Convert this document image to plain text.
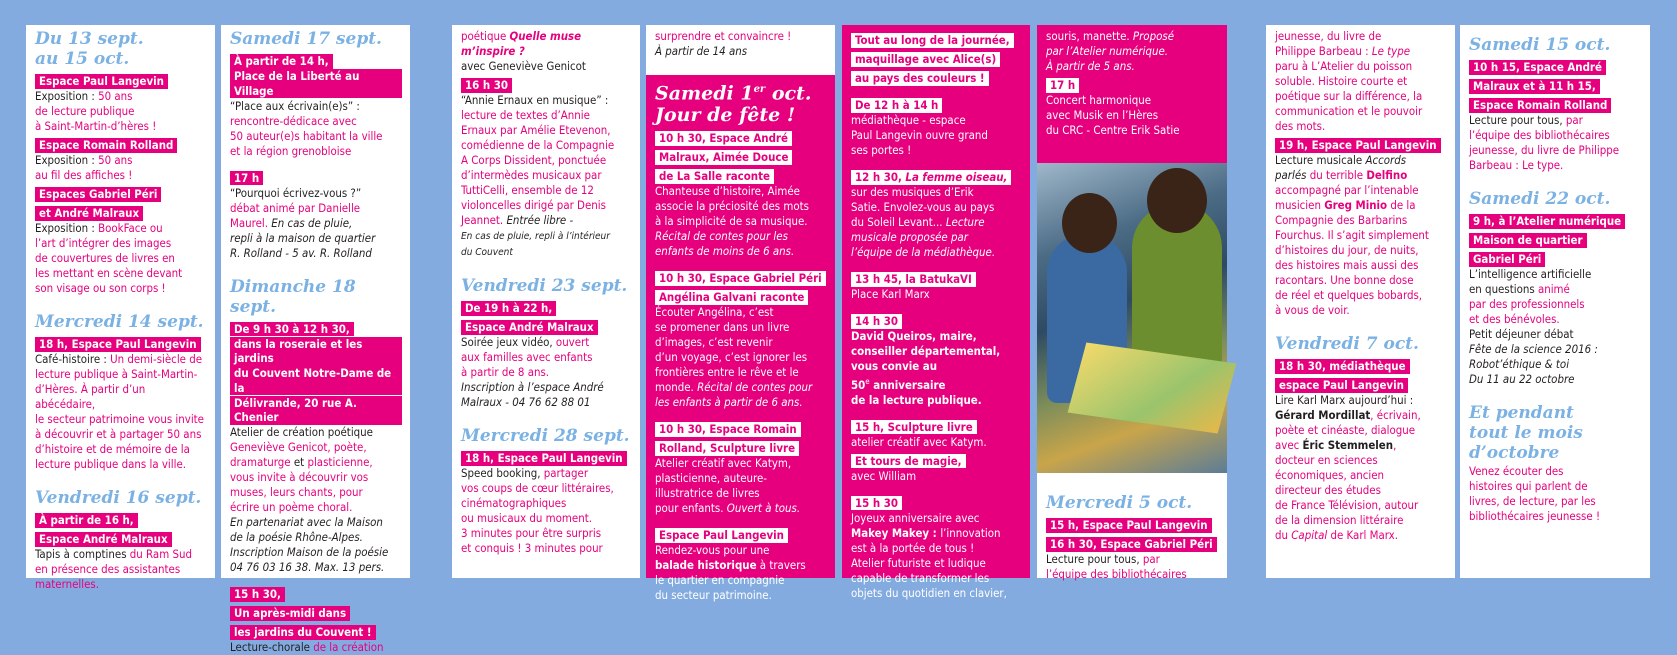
Du 13 sept.
au 15 oct.
Espace Paul Langevin

Exposition : 50 ans
de lecture publique
à Saint-Martin-d’hères !

Espace Romain Rolland

Exposition : 50 ans
au fil des affiches !

Espaces Gabriel Péri
et André Malraux

Exposition : BookFace ou
l’art d’intégrer des images
de couvertures de livres en
les mettant en scène devant
son visage ou son corps !

Mercredi 14 sept.
18 h, Espace Paul Langevin

Café-histoire : Un demi-siècle de
lecture publique à Saint-Martin-
d’Hères. À partir d’un abécédaire,
le secteur patrimoine vous invite
à découvrir et à partager 50 ans
d’histoire et de mémoire de la
lecture publique dans la ville.

Vendredi 16 sept.
À partir de 16 h,
Espace André Malraux

Tapis à comptines du Ram Sud
en présence des assistantes
maternelles.

Samedi 17 sept.
À partir de 14 h,
Place de la Liberté au Village

“Place aux écrivain(e)s” :
rencontre-dédicace avec
50 auteur(e)s habitant la ville
et la région grenobloise

17 h

“Pourquoi écrivez-vous ?”
débat animé par Danielle
Maurel. En cas de pluie,
repli à la maison de quartier
R. Rolland - 5 av. R. Rolland

Dimanche 18 sept.
De 9 h 30 à 12 h 30,
dans la roseraie et les jardins
du Couvent Notre-Dame de la
Délivrande, 20 rue A. Chenier

Atelier de création poétique
Geneviève Genicot, poète,
dramaturge et plasticienne,
vous invite à découvrir vos
muses, leurs chants, pour
écrire un poème choral.
En partenariat avec la Maison
de la poésie Rhône-Alpes.
Inscription Maison de la poésie
04 76 03 16 38. Max. 13 pers.

15 h 30,
Un après-midi dans
les jardins du Couvent !

Lecture-chorale de la création

poétique Quelle muse
m’inspire ?
avec Geneviève Genicot

16 h 30

“Annie Ernaux en musique” :
lecture de textes d’Annie
Ernaux par Amélie Etevenon,
comédienne de la Compagnie
A Corps Dissident, ponctuée
d’intermèdes musicaux par
TuttiCelli, ensemble de 12
violoncelles dirigé par Denis
Jeannet. Entrée libre -
En cas de pluie, repli à l’intérieur
du Couvent

Vendredi 23 sept.
De 19 h à 22 h,
Espace André Malraux

Soirée jeux vidéo, ouvert
aux familles avec enfants
à partir de 8 ans.
Inscription à l’espace André
Malraux - 04 76 62 88 01

Mercredi 28 sept.
18 h, Espace Paul Langevin

Speed booking, partager
vos coups de cœur littéraires,
cinématographiques
ou musicaux du moment.
3 minutes pour être surpris
et conquis ! 3 minutes pour

surprendre et convaincre !
À partir de 14 ans

Samedi 1er oct.
Jour de fête !
10 h 30, Espace André
Malraux, Aimée Douce
de La Salle raconte

Chanteuse d’histoire, Aimée
associe la préciosité des mots
à la simplicité de sa musique.
Récital de contes pour les
enfants de moins de 6 ans.

10 h 30, Espace Gabriel Péri
Angélina Galvani raconte

Écouter Angélina, c’est
se promener dans un livre
d’images, c’est revenir
d’un voyage, c’est ignorer les
frontières entre le rêve et le
monde. Récital de contes pour
les enfants à partir de 6 ans.

10 h 30, Espace Romain
Rolland, Sculpture livre

Atelier créatif avec Katym,
plasticienne, auteure-
illustratrice de livres
pour enfants. Ouvert à tous.

Espace Paul Langevin

Rendez-vous pour une
balade historique à travers
le quartier en compagnie
du secteur patrimoine.

Tout au long de la journée,
maquillage avec Alice(s)
au pays des couleurs !
De 12 h à 14 h

médiathèque - espace
Paul Langevin ouvre grand
ses portes !

12 h 30, La femme oiseau,

sur des musiques d’Erik
Satie. Envolez-vous au pays
du Soleil Levant... Lecture
musicale proposée par
l’équipe de la médiathèque.

13 h 45, la BatukaVI

Place Karl Marx

14 h 30

David Queiros, maire,
conseiller départemental,
vous convie au
50e anniversaire
de la lecture publique.

15 h, Sculpture livre

atelier créatif avec Katym.

Et tours de magie,

avec William

15 h 30

Joyeux anniversaire avec
Makey Makey : l’innovation
est à la portée de tous !
Atelier futuriste et ludique
capable de transformer les
objets du quotidien en clavier,

souris, manette. Proposé
par l’Atelier numérique.
À partir de 5 ans.

17 h

Concert harmonique
avec Musik en l’Hères
du CRC - Centre Erik Satie

Mercredi 5 oct.
15 h, Espace Paul Langevin
16 h 30, Espace Gabriel Péri

Lecture pour tous, par
l’équipe des bibliothécaires

jeunesse, du livre de
Philippe Barbeau : Le type
paru à L’Atelier du poisson
soluble. Histoire courte et
poétique sur la différence, la
communication et le pouvoir
des mots.

19 h, Espace Paul Langevin

Lecture musicale Accords
parlés du terrible Delfino
accompagné par l’intenable
musicien Greg Minio de la
Compagnie des Barbarins
Fourchus. Il s’agit simplement
d’histoires du jour, de nuits,
des histoires mais aussi des
racontars. Une bonne dose
de réel et quelques bobards,
à vous de voir.

Vendredi 7 oct.
18 h 30, médiathèque
espace Paul Langevin

Lire Karl Marx aujourd’hui :
Gérard Mordillat, écrivain,
poète et cinéaste, dialogue
avec Éric Stemmelen,
docteur en sciences
économiques, ancien
directeur des études
de France Télévision, autour
de la dimension littéraire
du Capital de Karl Marx.

Samedi 15 oct.
10 h 15, Espace André
Malraux et à 11 h 15,
Espace Romain Rolland

Lecture pour tous, par
l’équipe des bibliothécaires
jeunesse, du livre de Philippe
Barbeau : Le type.

Samedi 22 oct.
9 h, à l’Atelier numérique
Maison de quartier
Gabriel Péri

L’intelligence artificielle
en questions animé
par des professionnels
et des bénévoles.
Petit déjeuner débat
Fête de la science 2016 :
Robot’éthique & toi
Du 11 au 22 octobre

Et pendant
tout le mois
d’octobre

Venez écouter des
histoires qui parlent de
livres, de lecture, par les
bibliothécaires jeunesse !
